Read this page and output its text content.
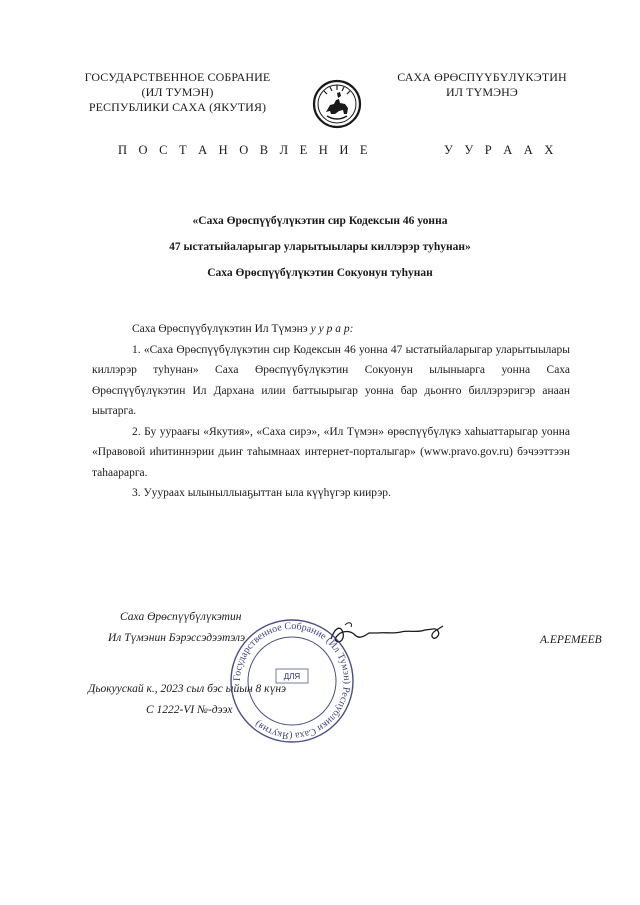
ГОСУДАРСТВЕННОЕ СОБРАНИЕ
(ИЛ ТУМЭН)
РЕСПУБЛИКИ САХА (ЯКУТИЯ)
САХА ӨРӨСПҮҮБҮЛҮКЭТИН
ИЛ ТҮМЭНЭ
П О С Т А Н О В Л Е Н И Е	У У Р А А Х
«Саха Өрөспүүбүлүкэтин сир Кодексын 46 уонна
47 ыстатыйаларыгар уларытыылары киллэрэр туһунан»
Саха Өрөспүүбүлүкэтин Сокуонун туһунан

Саха Өрөспүүбүлүкэтин Ил Түмэнэ у у р а р:

1. «Саха Өрөспүүбүлүкэтин сир Кодексын 46 уонна 47 ыстатыйаларыгар уларытыылары киллэрэр туһунан» Саха Өрөспүүбүлүкэтин Сокуонун ылыныарга уонна Саха Өрөспүүбүлүкэтин Ил Дархана илии баттыырыгар уонна бар дьоҥҥо биллэрэригэр анаан ыытарга.

2. Бу уураағы «Якутия», «Саха сирэ», «Ил Түмэн» өрөспүүбүлүкэ хаһыаттарыгар уонна «Правовой иһитиннэрии дьиҥ таһымнаах интернет-порталыгар» (www.pravo.gov.ru) бэчээттээн таһаарарга.

3. Ууураах ылыныллыаҕыттан ыла күүһүгэр киирэр.

Саха Өрөспүүбүлүкэтин
Ил Түмэнин Бэрэссэдээтэлэ	А.ЕРЕМЕЕВ
Дьокуускай к., 2023 сыл бэс ыйын 8 күнэ
С 1222-VI №-дээх
Государственное Собрание (Ил Тумэн) Республики Саха (Якутия)
ДЛЯ
